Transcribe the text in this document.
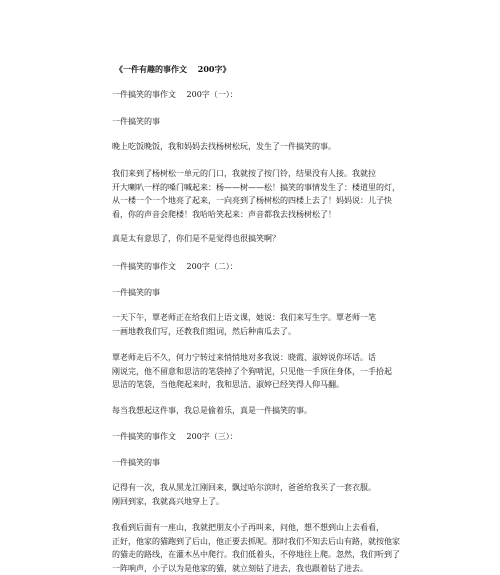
《一件有趣的事作文　 200字》
一件搞笑的事作文　 200字（一）：
一件搞笑的事
晚上吃饭晚饭，我和妈妈去找杨树松玩，发生了一件搞笑的事。
我们来到了杨树松一单元的门口，我就按了按门铃，结果没有人接。我就拉
开大喇叭一样的嗓门喊起来：杨——树——松！搞笑的事情发生了：楼道里的灯，
从一楼一个一个地亮了起来，一向亮到了杨树松的四楼上去了！妈妈说：儿子快
看，你的声音会爬楼！我哈哈笑起来：声音都我去找杨树松了！
真是太有意思了，你们是不是觉得也很搞笑啊？
一件搞笑的事作文　 200字（二）：
一件搞笑的事
一天下午，覃老师正在给我们上语文课，她说：我们来写生字。覃老师一笔
一画地教我们写，还教我们组词，然后种南瓜去了。
覃老师走后不久，何力宁转过来悄悄地对多我说：晓霞、淑婷说你坏话。话
刚说完，他不留意和思洁的笔袋掉了个狗啃泥，只见他一手顶住身体，一手拾起
思洁的笔袋，当他爬起来时，我和思洁、淑婷已经笑得人仰马翻。
每当我想起这件事，我总是偷着乐，真是一件搞笑的事。
一件搞笑的事作文　 200字（三）：
一件搞笑的事
记得有一次，我从黑龙江刚回来，飘过哈尔滨时，爸爸给我买了一套衣服。
刚回到家，我就高兴地穿上了。
我看到后面有一座山，我就把朋友小子再叫来，问他，想不想到山上去看看，
正好，他家的猫跑到了后山，他正要去抓呢。那时我们不知去后山有路，就按他家
的猫走的路线，在灌木丛中爬行。我们低着头，不停地往上爬。忽然，我们听到了
一阵响声，小子以为是他家的猫，就立刻钻了进去，我也跟着钻了进去。
